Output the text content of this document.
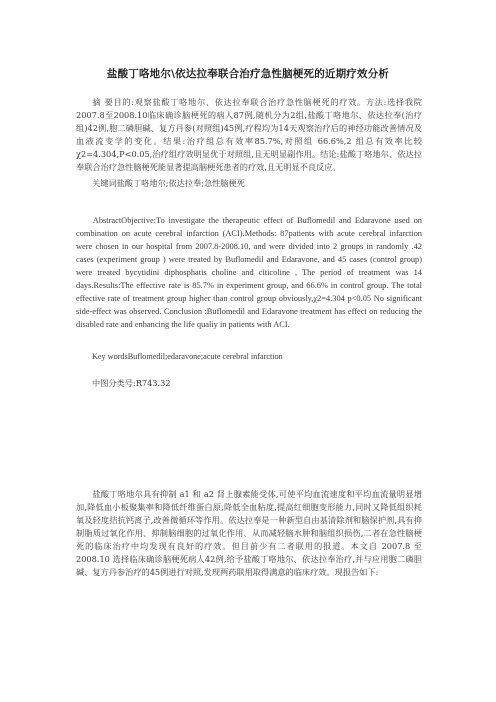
盐酸丁咯地尔\依达拉奉联合治疗急性脑梗死的近期疗效分析

摘 要目的:观察盐酸丁咯地尔、依达拉奉联合治疗急性脑梗死的疗效。方法:选择我院2007.8至2008.10临床确诊脑梗死的病人87例,随机分为2组,盐酸丁咯地尔、依达拉奉(治疗组)42例,胞二磷胆碱、复方丹参(对照组)45例,疗程均为14天观察治疗后的神经功能改善情况及血液流变学的变化。结果:治疗组总有效率85.7%,对照组 66.6%,2 组总有效率比较 χ2=4.304,P<0.05,治疗组疗效明显优于对照组,且无明显副作用。结论:盐酸丁咯地尔、依达拉奉联合治疗急性脑梗死能显著提高脑梗死患者的疗效,且无明显不良反应。

关键词盐酸丁咯地尔;依达拉奉;急性脑梗死

AbstractObjective:To investigate the therapeutic effect of Buflomedil and Edaravone used on combination on acute cerebral infarction (ACI).Methods: 87patients with acute cerebral infarction were chosen in our hospital from 2007.8-2008.10, and were divided into 2 groups in randomly .42 cases (experiment group ) were treated by Buflomedil and Edaravone, and 45 cases (control group) were treated bycytidini diphosphatis choline and citicoline , The period of treatment was 14 days.Results:The effective rate is 85.7% in experiment group, and 66.6% in control group. The total effective rate of treatment group higher than control group obviously,χ2=4.304 p<0.05 No significant side-effect was observed. Conclusion :Buflomedil and Edaravone treatment has effect on reducing the disabled rate and enhancing the life qualiy in patients with ACI.

Key wordsBuflomedil;edaravone;acute cerebral infarction

中图分类号:R743.32

盐酸丁咯地尔具有抑制 a1 和 a2 肾上腺素能受体,可使平均血流速度和平均血流量明显增加,降低血小板聚集率和降低纤维蛋白原,降低全血粘度,提高红细胞变形能力,同时又降低组织耗氧及轻度拮抗钙离子,改善微循环等作用。依达拉奉是一种新型自由基清除剂和脑保护剂,具有抑制脂质过氧化作用、抑制脑细胞的过氧化作用、从而减轻脑水肿和脑组织损伤,二者在急性脑梗死的临床治疗中均发现有良好的疗效。但目前少有二者联用的报道。本文自 2007.8 至 2008.10 选择临床确诊脑梗死病人42例,给予盐酸丁咯地尔、依达拉奉治疗,并与应用胞二磷胆碱、复方丹参治疗的45例进行对照,发现两药联用取得满意的临床疗效。现报告如下:
